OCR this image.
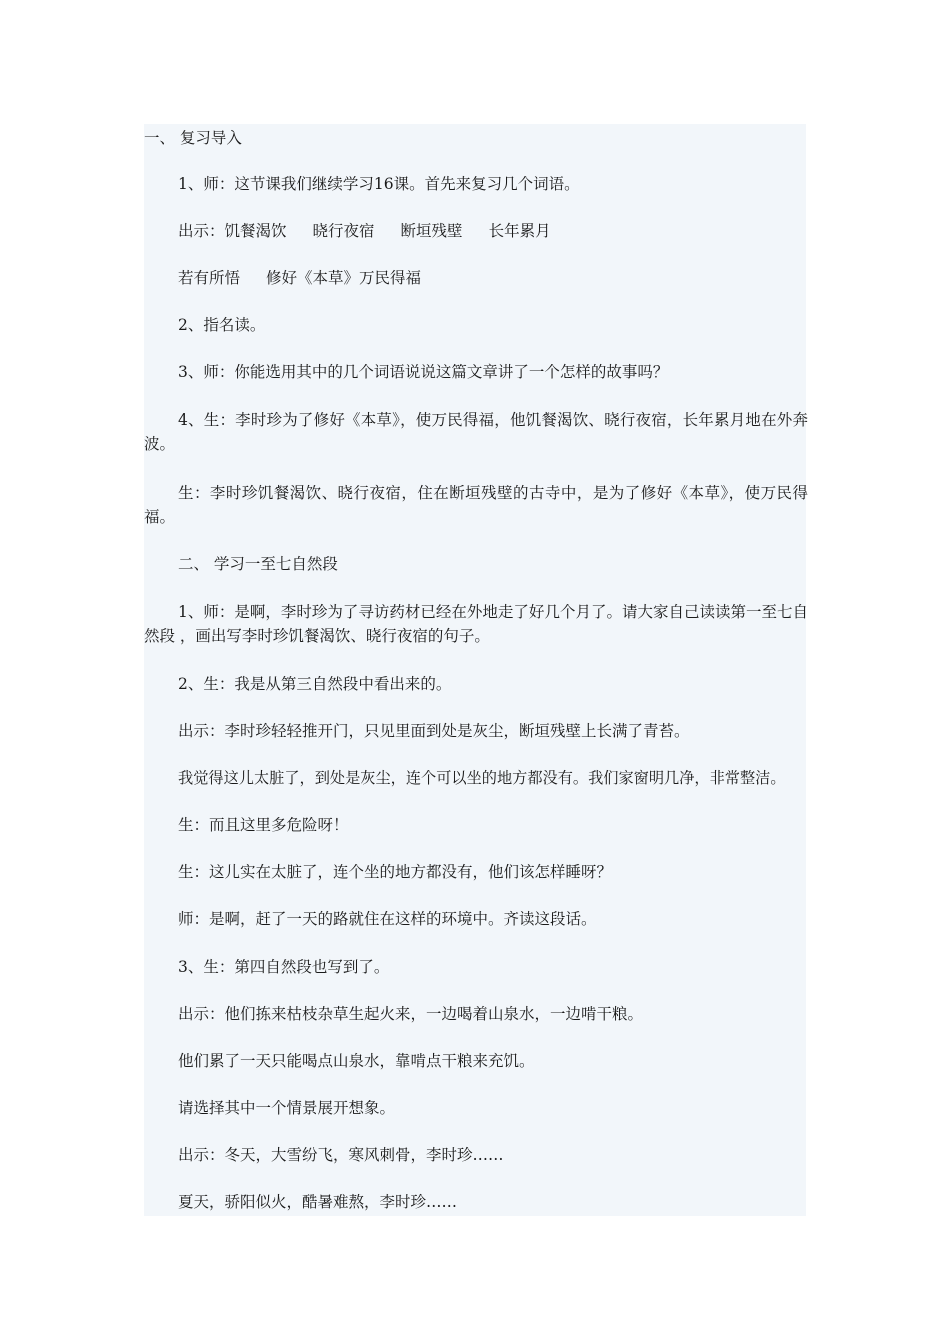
一、 复习导入

1、师：这节课我们继续学习16课。首先来复习几个词语。

出示：饥餐渴饮 晓行夜宿 断垣残壁 长年累月

若有所悟 修好《本草》万民得福

2、指名读。

3、师：你能选用其中的几个词语说说这篇文章讲了一个怎样的故事吗？

4、生：李时珍为了修好《本草》，使万民得福，他饥餐渴饮、晓行夜宿，长年累月地在外奔波。

生：李时珍饥餐渴饮、晓行夜宿，住在断垣残壁的古寺中，是为了修好《本草》，使万民得福。

二、 学习一至七自然段

1、师：是啊，李时珍为了寻访药材已经在外地走了好几个月了。请大家自己读读第一至七自然段 ，画出写李时珍饥餐渴饮、晓行夜宿的句子。

2、生：我是从第三自然段中看出来的。

出示：李时珍轻轻推开门，只见里面到处是灰尘，断垣残壁上长满了青苔。

我觉得这儿太脏了，到处是灰尘，连个可以坐的地方都没有。我们家窗明几净，非常整洁。

生：而且这里多危险呀！

生：这儿实在太脏了，连个坐的地方都没有，他们该怎样睡呀？

师：是啊，赶了一天的路就住在这样的环境中。齐读这段话。

3、生：第四自然段也写到了。

出示：他们拣来枯枝杂草生起火来，一边喝着山泉水，一边啃干粮。

他们累了一天只能喝点山泉水，靠啃点干粮来充饥。

请选择其中一个情景展开想象。

出示：冬天，大雪纷飞，寒风刺骨，李时珍……

夏天，骄阳似火，酷暑难熬，李时珍……
